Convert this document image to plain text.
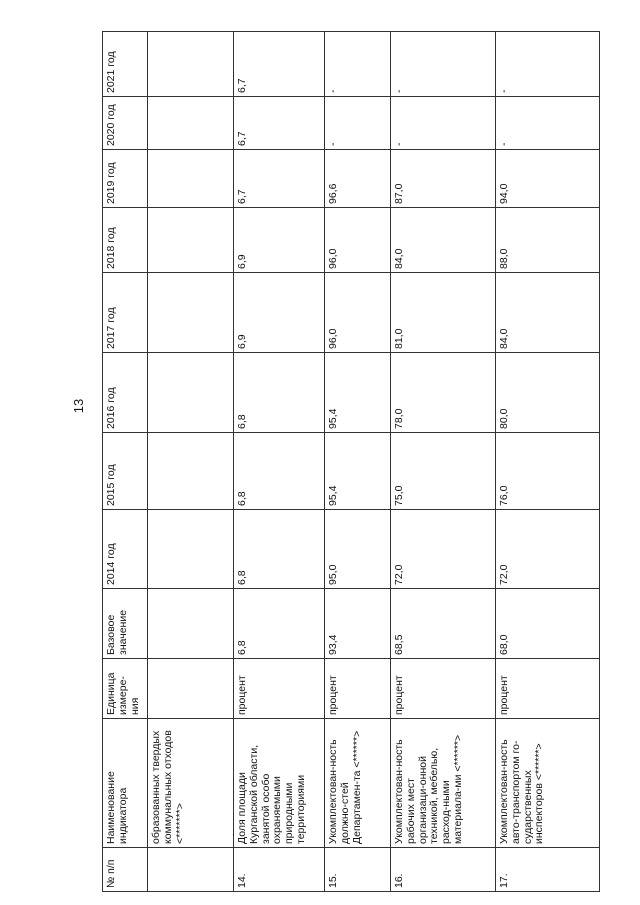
13
№ п/п	Наименование индикатора	Единица измере-ния	Базовое значение	2014 год	2015 год	2016 год	2017 год	2018 год	2019 год	2020 год	2021 год
	образованных твердых коммунальных отходов <*******>										
14.	Доля площади Курганской области, занятой особо охраняемыми природными территориями	процент	6,8	6,8	6,8	6,8	6,9	6,9	6,7	6,7	6,7
15.	Укомплектован-ность должно-стей Департамен-та <******>	процент	93,4	95,0	95,4	95,4	96,0	96,0	96,6	-	-
16.	Укомплектован-ность рабочих мест организаци-онной техникой, мебелью, расход-ными материала-ми <******>	процент	68,5	72,0	75,0	78,0	81,0	84,0	87,0	-	-
17.	Укомплектован-ность авто-транспортом го-сударственных инспекторов <******>	процент	68,0	72,0	76,0	80,0	84,0	88,0	94,0	-	-
